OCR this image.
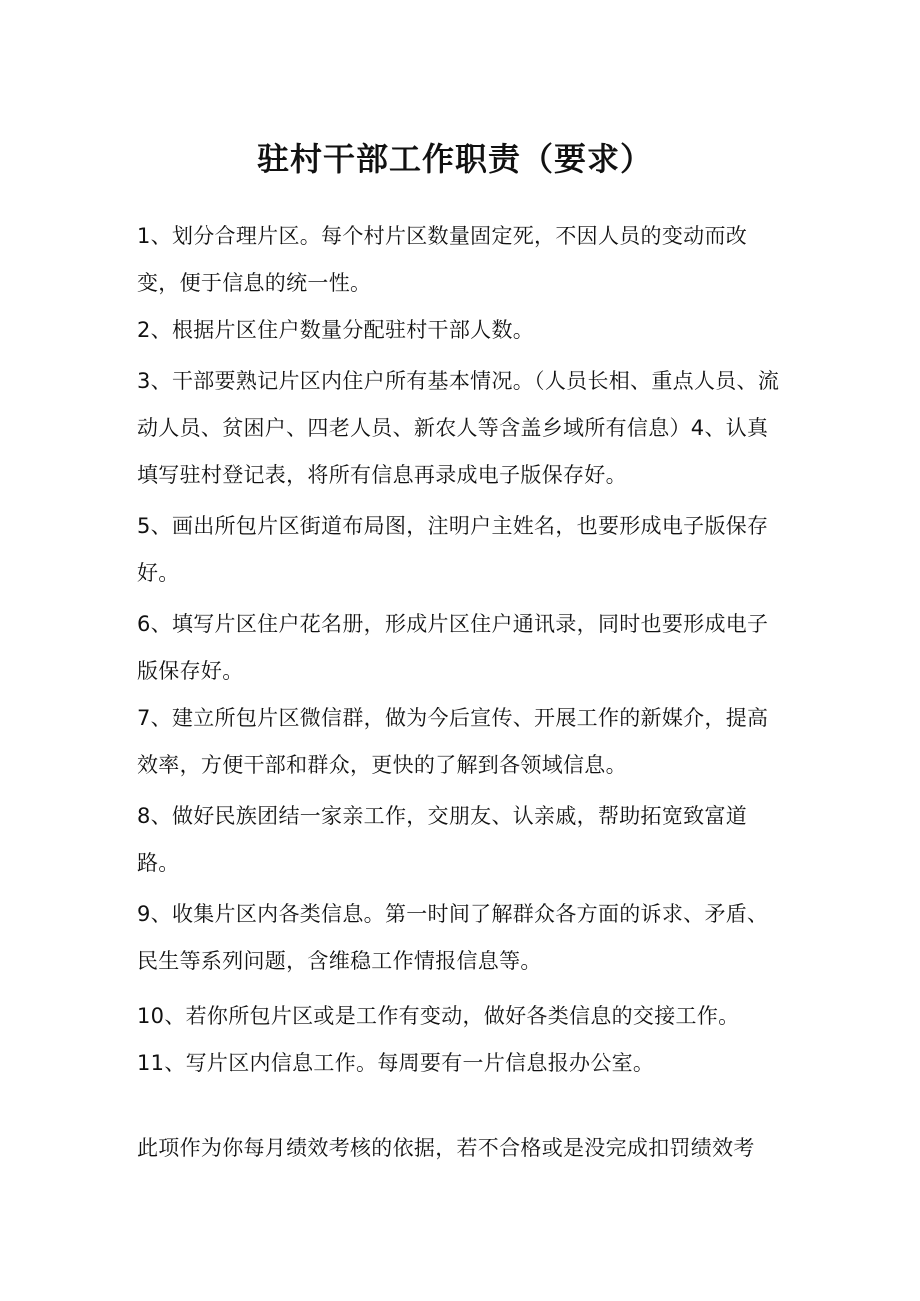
驻村干部工作职责（要求）

1、划分合理片区。每个村片区数量固定死，不因人员的变动而改变，便于信息的统一性。

2、根据片区住户数量分配驻村干部人数。

3、干部要熟记片区内住户所有基本情况。（人员长相、重点人员、流动人员、贫困户、四老人员、新农人等含盖乡域所有信息）4、认真填写驻村登记表，将所有信息再录成电子版保存好。

5、画出所包片区街道布局图，注明户主姓名，也要形成电子版保存好。

6、填写片区住户花名册，形成片区住户通讯录，同时也要形成电子版保存好。

7、建立所包片区微信群，做为今后宣传、开展工作的新媒介，提高效率，方便干部和群众，更快的了解到各领域信息。

8、做好民族团结一家亲工作，交朋友、认亲戚，帮助拓宽致富道路。

9、收集片区内各类信息。第一时间了解群众各方面的诉求、矛盾、民生等系列问题，含维稳工作情报信息等。

10、若你所包片区或是工作有变动，做好各类信息的交接工作。

11、写片区内信息工作。每周要有一片信息报办公室。

此项作为你每月绩效考核的依据，若不合格或是没完成扣罚绩效考
